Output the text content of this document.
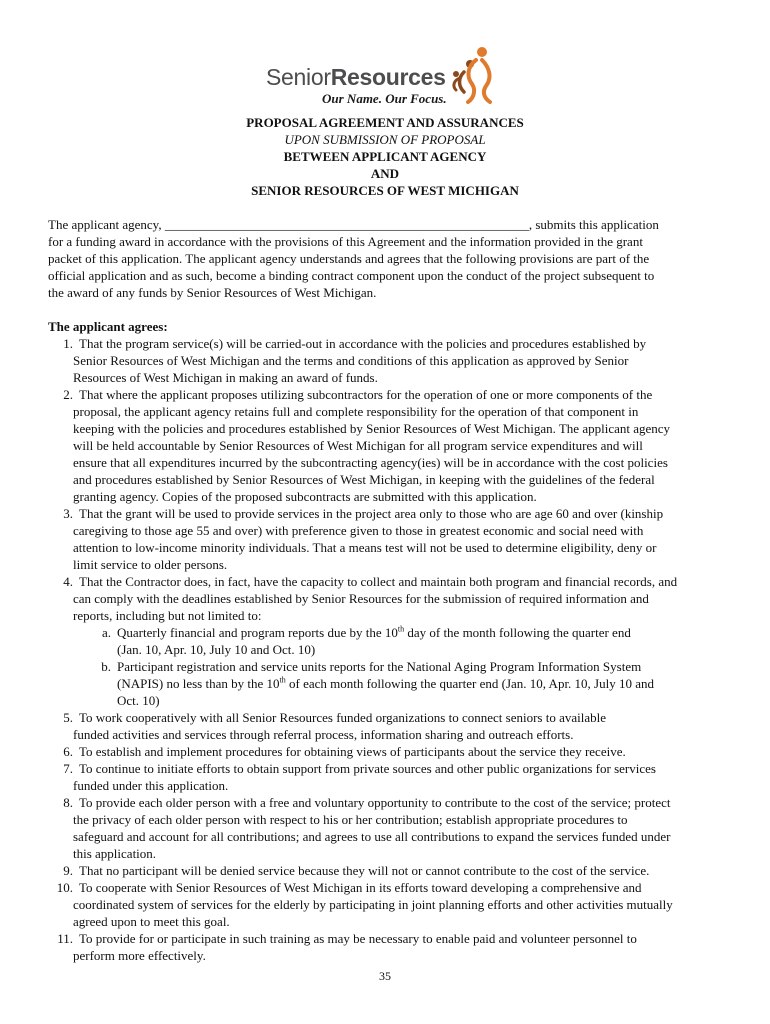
SeniorResources
Our Name. Our Focus.
PROPOSAL AGREEMENT AND ASSURANCES
UPON SUBMISSION OF PROPOSAL
BETWEEN APPLICANT AGENCY
AND
SENIOR RESOURCES OF WEST MICHIGAN
The applicant agency, ________________________________________________________, submits this application
for a funding award in accordance with the provisions of this Agreement and the information provided in the grant
packet of this application. The applicant agency understands and agrees that the following provisions are part of the
official application and as such, become a binding contract component upon the conduct of the project subsequent to
the award of any funds by Senior Resources of West Michigan.
The applicant agrees:
1. That the program service(s) will be carried-out in accordance with the policies and procedures established by
Senior Resources of West Michigan and the terms and conditions of this application as approved by Senior
Resources of West Michigan in making an award of funds.
2. That where the applicant proposes utilizing subcontractors for the operation of one or more components of the
proposal, the applicant agency retains full and complete responsibility for the operation of that component in
keeping with the policies and procedures established by Senior Resources of West Michigan. The applicant agency
will be held accountable by Senior Resources of West Michigan for all program service expenditures and will
ensure that all expenditures incurred by the subcontracting agency(ies) will be in accordance with the cost policies
and procedures established by Senior Resources of West Michigan, in keeping with the guidelines of the federal
granting agency. Copies of the proposed subcontracts are submitted with this application.
3. That the grant will be used to provide services in the project area only to those who are age 60 and over (kinship
caregiving to those age 55 and over) with preference given to those in greatest economic and social need with
attention to low-income minority individuals. That a means test will not be used to determine eligibility, deny or
limit service to older persons.
4. That the Contractor does, in fact, have the capacity to collect and maintain both program and financial records, and
can comply with the deadlines established by Senior Resources for the submission of required information and
reports, including but not limited to:
a. Quarterly financial and program reports due by the 10th day of the month following the quarter end
(Jan. 10, Apr. 10, July 10 and Oct. 10)
b. Participant registration and service units reports for the National Aging Program Information System
(NAPIS) no less than by the 10th of each month following the quarter end (Jan. 10, Apr. 10, July 10 and
Oct. 10)
5. To work cooperatively with all Senior Resources funded organizations to connect seniors to available
funded activities and services through referral process, information sharing and outreach efforts.
6. To establish and implement procedures for obtaining views of participants about the service they receive.
7. To continue to initiate efforts to obtain support from private sources and other public organizations for services
funded under this application.
8. To provide each older person with a free and voluntary opportunity to contribute to the cost of the service; protect
the privacy of each older person with respect to his or her contribution; establish appropriate procedures to
safeguard and account for all contributions; and agrees to use all contributions to expand the services funded under
this application.
9. That no participant will be denied service because they will not or cannot contribute to the cost of the service.
10. To cooperate with Senior Resources of West Michigan in its efforts toward developing a comprehensive and
coordinated system of services for the elderly by participating in joint planning efforts and other activities mutually
agreed upon to meet this goal.
11. To provide for or participate in such training as may be necessary to enable paid and volunteer personnel to
perform more effectively.
35
